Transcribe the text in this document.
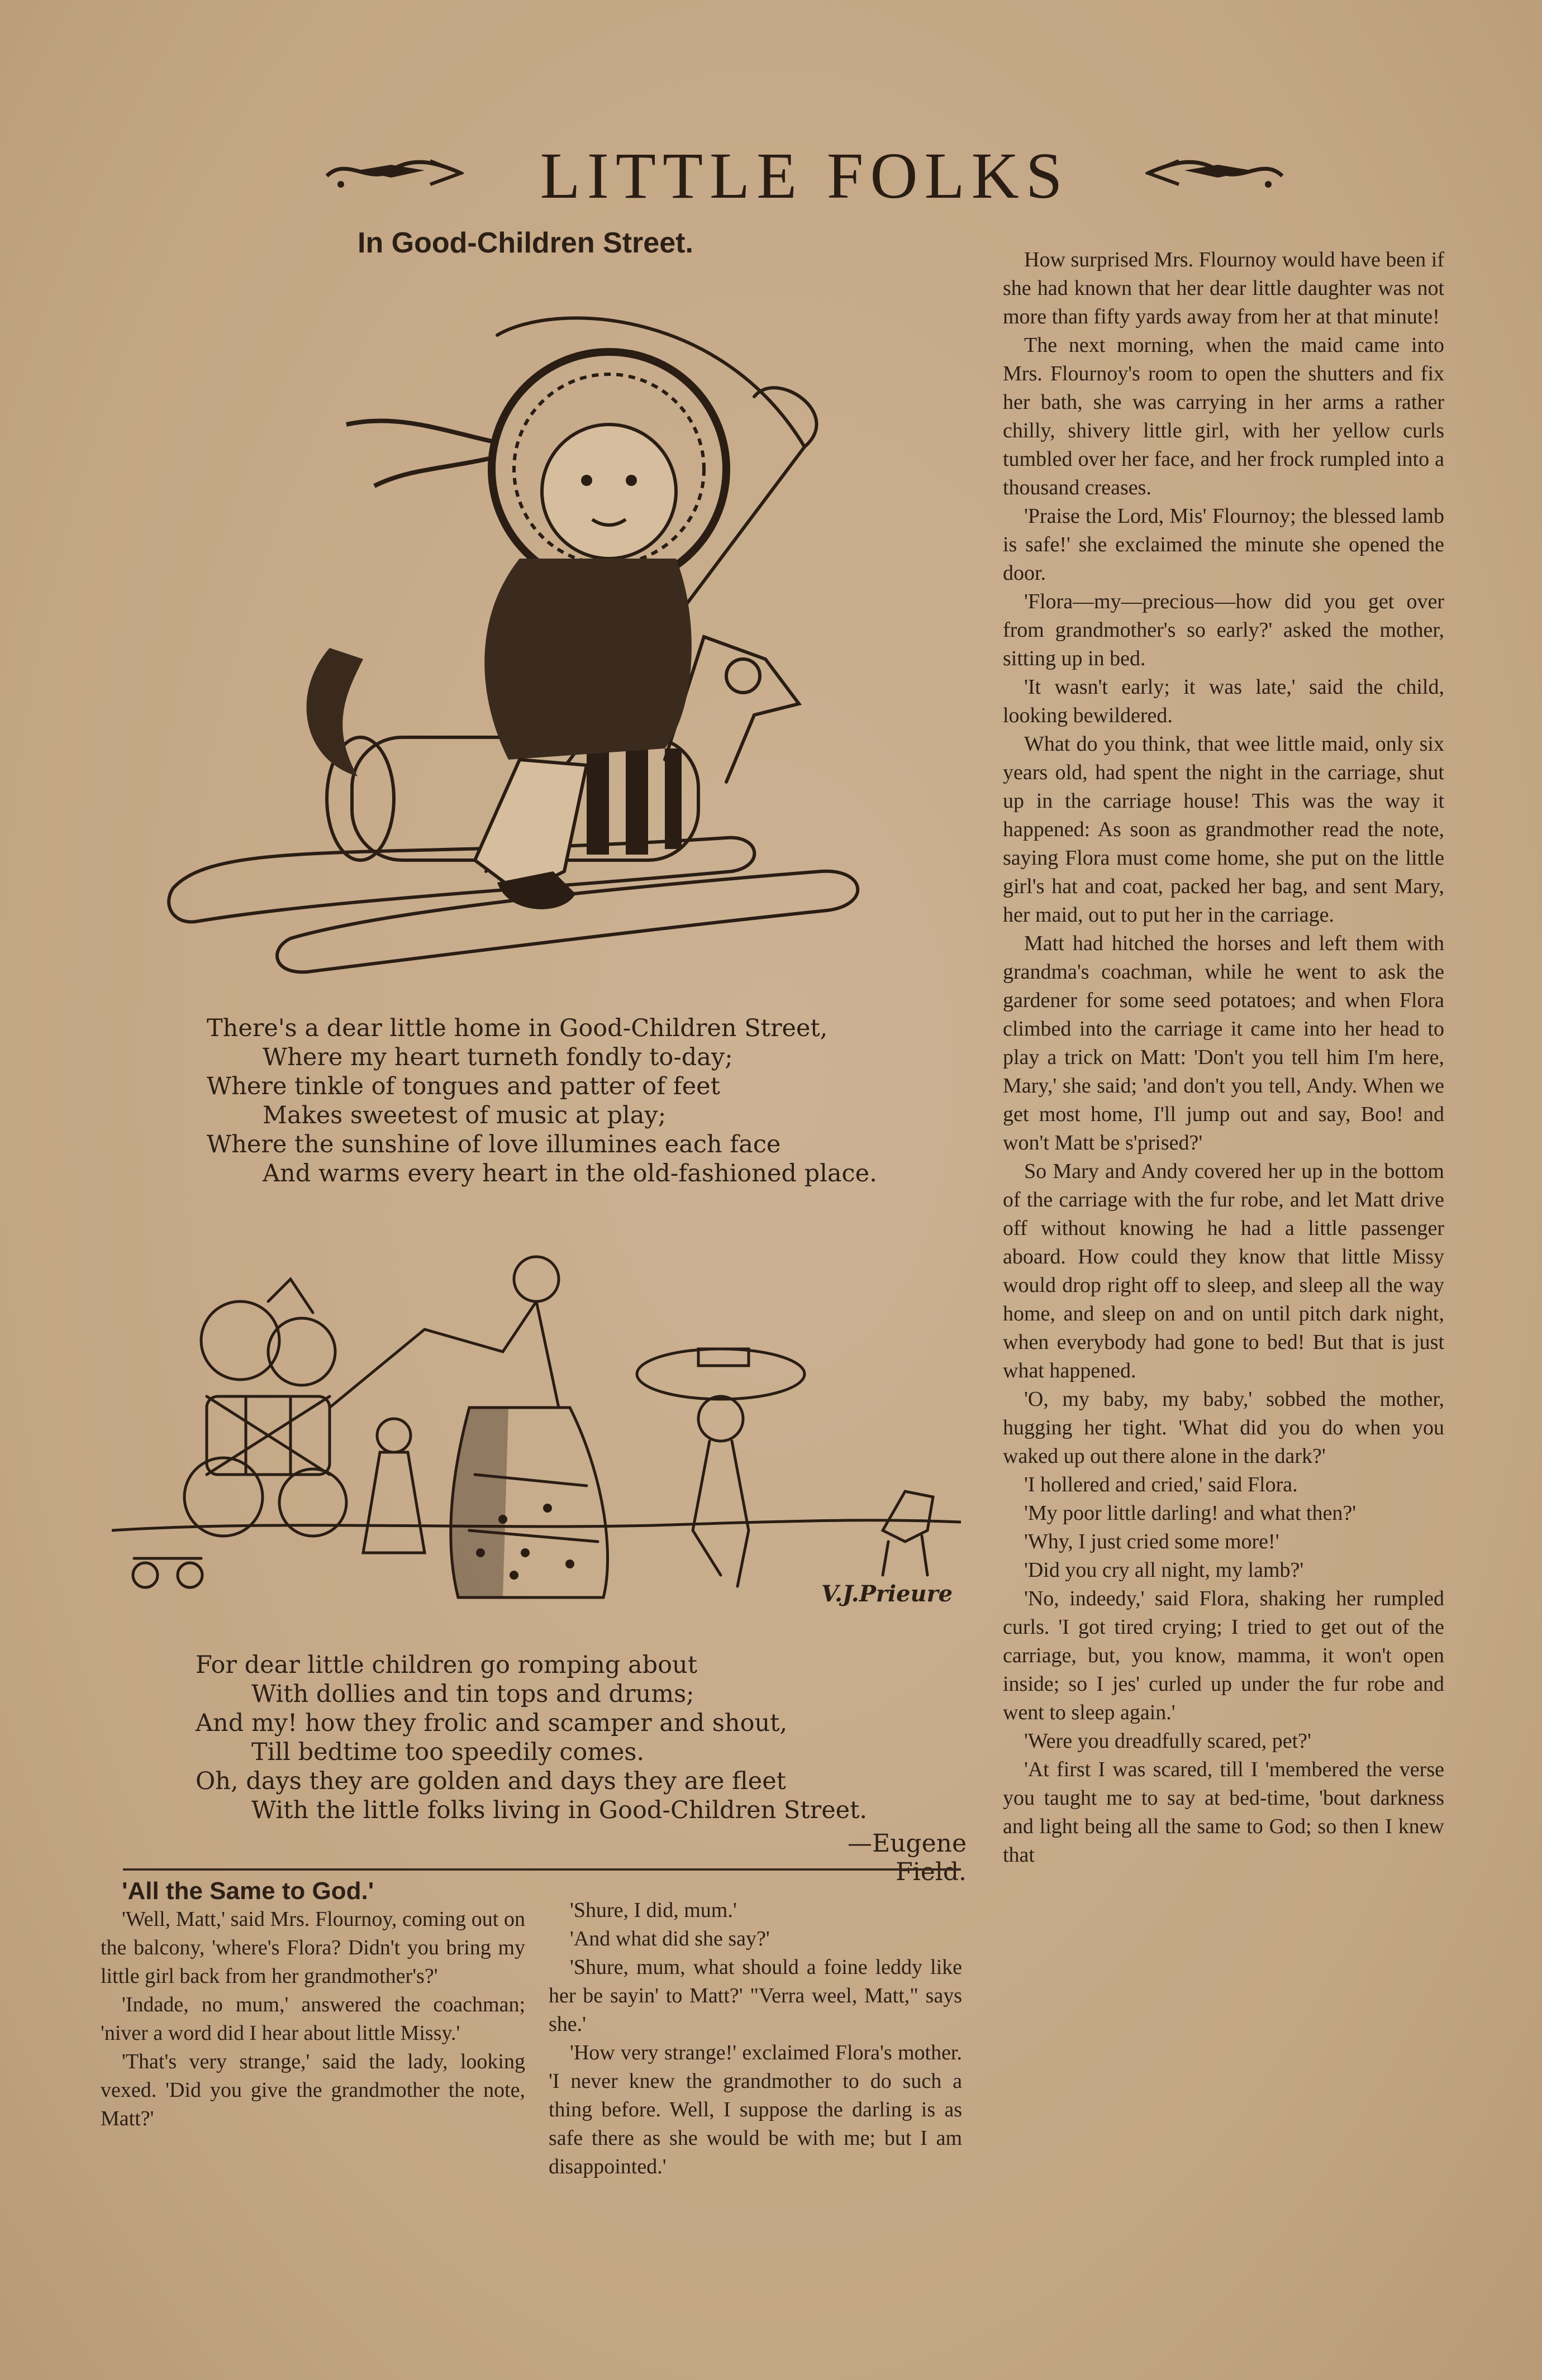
LITTLE FOLKS
In Good-Children Street.
There's a dear little home in Good-Children Street,
Where my heart turneth fondly to-day;
Where tinkle of tongues and patter of feet
Makes sweetest of music at play;
Where the sunshine of love illumines each face
And warms every heart in the old-fashioned place.
V.J.Prieure
For dear little children go romping about
With dollies and tin tops and drums;
And my! how they frolic and scamper and shout,
Till bedtime too speedily comes.
Oh, days they are golden and days they are fleet
With the little folks living in Good-Children Street.
—Eugene Field.

'All the Same to God.'

'Well, Matt,' said Mrs. Flournoy, coming out on the balcony, 'where's Flora? Didn't you bring my little girl back from her grandmother's?'

'Indade, no mum,' answered the coachman; 'niver a word did I hear about little Missy.'

'That's very strange,' said the lady, looking vexed. 'Did you give the grandmother the note, Matt?'

'Shure, I did, mum.'

'And what did she say?'

'Shure, mum, what should a foine leddy like her be sayin' to Matt?' "Verra weel, Matt," says she.'

'How very strange!' exclaimed Flora's mother. 'I never knew the grandmother to do such a thing before. Well, I suppose the darling is as safe there as she would be with me; but I am disappointed.'

How surprised Mrs. Flournoy would have been if she had known that her dear little daughter was not more than fifty yards away from her at that minute!

The next morning, when the maid came into Mrs. Flournoy's room to open the shutters and fix her bath, she was carrying in her arms a rather chilly, shivery little girl, with her yellow curls tumbled over her face, and her frock rumpled into a thousand creases.

'Praise the Lord, Mis' Flournoy; the blessed lamb is safe!' she exclaimed the minute she opened the door.

'Flora—my—precious—how did you get over from grandmother's so early?' asked the mother, sitting up in bed.

'It wasn't early; it was late,' said the child, looking bewildered.

What do you think, that wee little maid, only six years old, had spent the night in the carriage, shut up in the carriage house! This was the way it happened: As soon as grandmother read the note, saying Flora must come home, she put on the little girl's hat and coat, packed her bag, and sent Mary, her maid, out to put her in the carriage.

Matt had hitched the horses and left them with grandma's coachman, while he went to ask the gardener for some seed potatoes; and when Flora climbed into the carriage it came into her head to play a trick on Matt: 'Don't you tell him I'm here, Mary,' she said; 'and don't you tell, Andy. When we get most home, I'll jump out and say, Boo! and won't Matt be s'prised?'

So Mary and Andy covered her up in the bottom of the carriage with the fur robe, and let Matt drive off without knowing he had a little passenger aboard. How could they know that little Missy would drop right off to sleep, and sleep all the way home, and sleep on and on until pitch dark night, when everybody had gone to bed! But that is just what happened.

'O, my baby, my baby,' sobbed the mother, hugging her tight. 'What did you do when you waked up out there alone in the dark?'

'I hollered and cried,' said Flora.

'My poor little darling! and what then?'

'Why, I just cried some more!'

'Did you cry all night, my lamb?'

'No, indeedy,' said Flora, shaking her rumpled curls. 'I got tired crying; I tried to get out of the carriage, but, you know, mamma, it won't open inside; so I jes' curled up under the fur robe and went to sleep again.'

'Were you dreadfully scared, pet?'

'At first I was scared, till I 'membered the verse you taught me to say at bed-time, 'bout darkness and light being all the same to God; so then I knew that
